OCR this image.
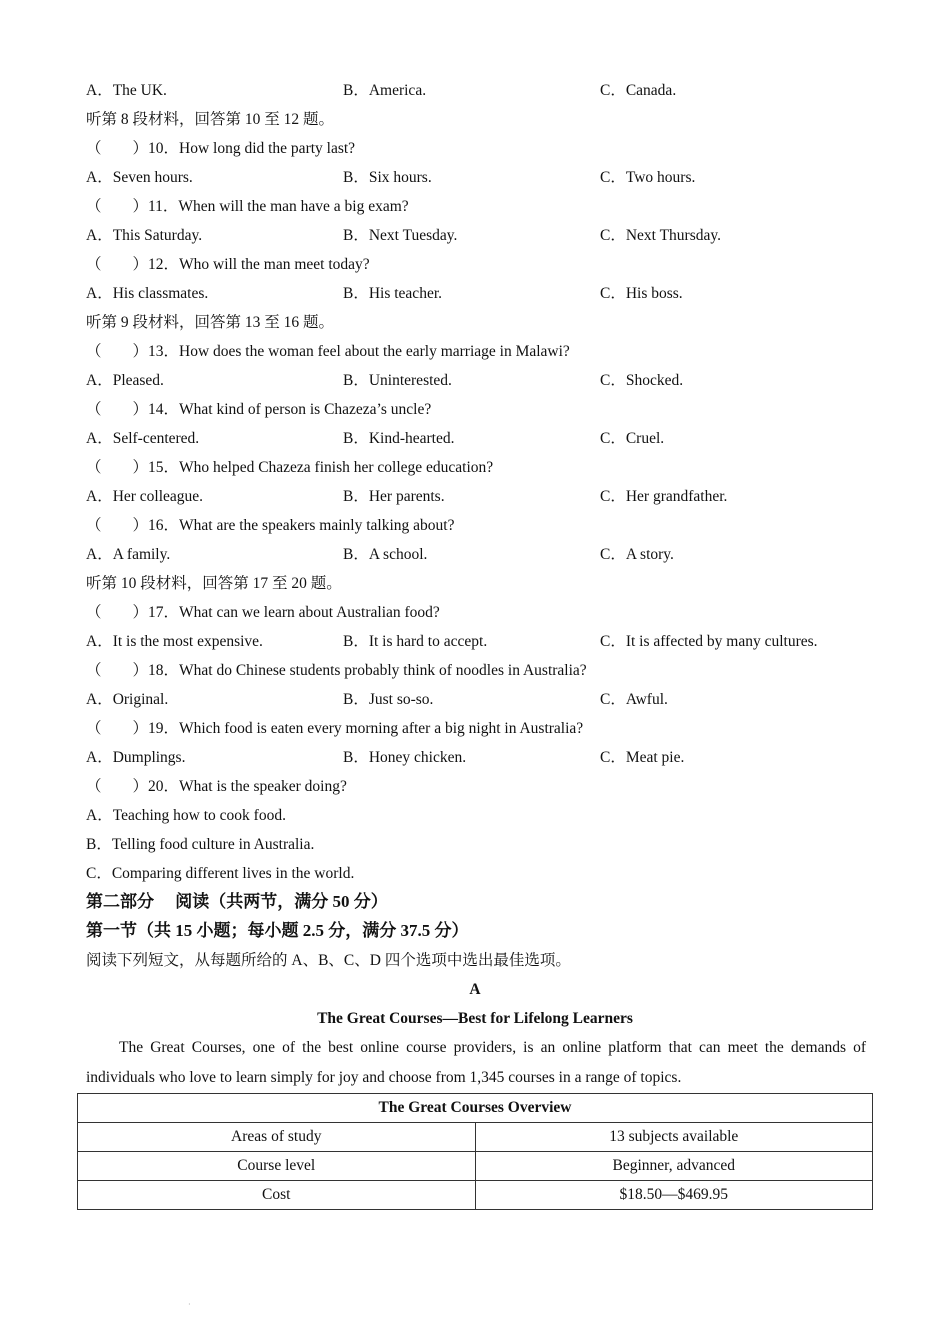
A．The UK.	B．America.	C．Canada.
听第 8 段材料，回答第 10 至 12 题。
（　　）10．How long did the party last?
A．Seven hours.	B．Six hours.	C．Two hours.
（　　）11．When will the man have a big exam?
A．This Saturday.	B．Next Tuesday.	C．Next Thursday.
（　　）12．Who will the man meet today?
A．His classmates.	B．His teacher.	C．His boss.
听第 9 段材料，回答第 13 至 16 题。
（　　）13．How does the woman feel about the early marriage in Malawi?
A．Pleased.	B．Uninterested.	C．Shocked.
（　　）14．What kind of person is Chazeza’s uncle?
A．Self-centered.	B．Kind-hearted.	C．Cruel.
（　　）15．Who helped Chazeza finish her college education?
A．Her colleague.	B．Her parents.	C．Her grandfather.
（　　）16．What are the speakers mainly talking about?
A．A family.	B．A school.	C．A story.
听第 10 段材料，回答第 17 至 20 题。
（　　）17．What can we learn about Australian food?
A．It is the most expensive.	B．It is hard to accept.	C．It is affected by many cultures.
（　　）18．What do Chinese students probably think of noodles in Australia?
A．Original.	B．Just so-so.	C．Awful.
（　　）19．Which food is eaten every morning after a big night in Australia?
A．Dumplings.	B．Honey chicken.	C．Meat pie.
（　　）20．What is the speaker doing?
A．Teaching how to cook food.
B．Telling food culture in Australia.
C．Comparing different lives in the world.
第二部分　 阅读（共两节，满分 50 分）
第一节（共 15 小题；每小题 2.5 分，满分 37.5 分）
阅读下列短文，从每题所给的 A、B、C、D 四个选项中选出最佳选项。
A
The Great Courses—Best for Lifelong Learners
The Great Courses, one of the best online course providers, is an online platform that can meet the demands of individuals who love to learn simply for joy and choose from 1,345 courses in a range of topics.
The Great Courses Overview	
Areas of study	13 subjects available
Course level	Beginner, advanced
Cost	$18.50—$469.95
·
